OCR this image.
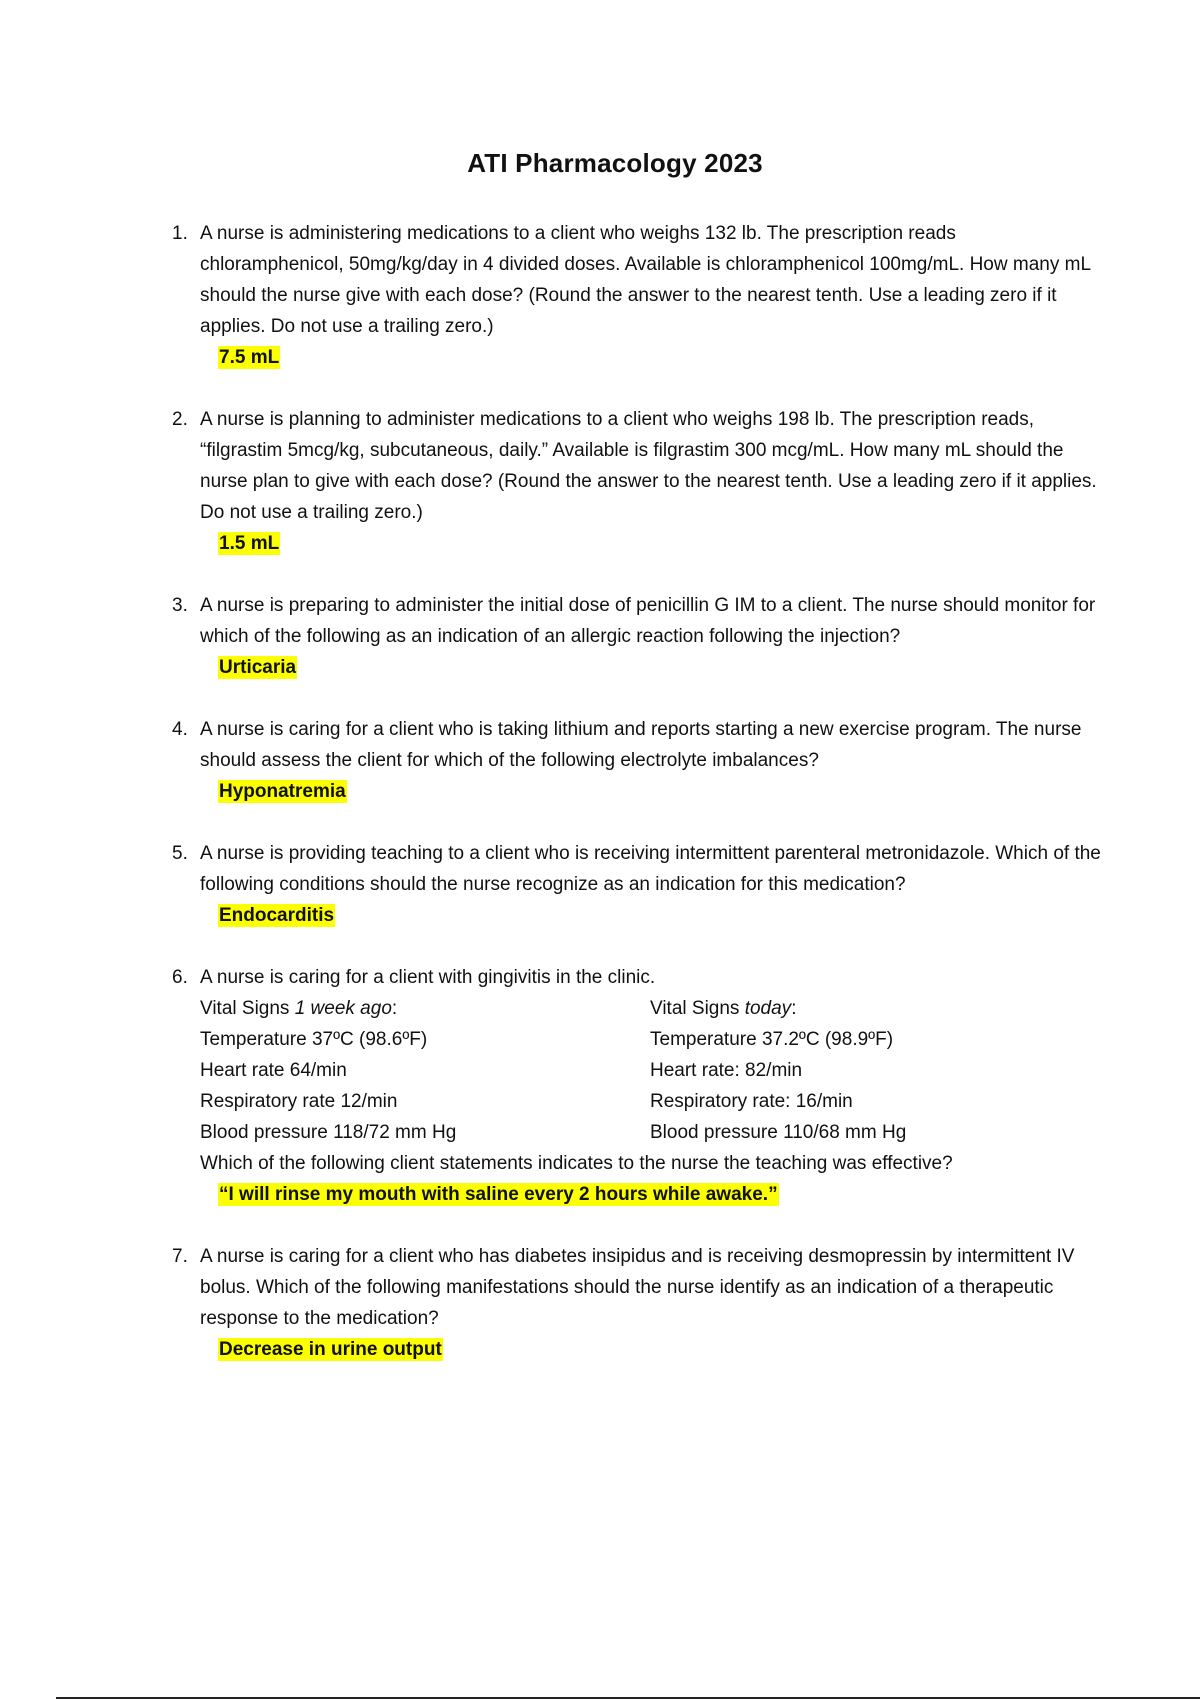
ATI Pharmacology 2023
1. A nurse is administering medications to a client who weighs 132 lb. The prescription reads chloramphenicol, 50mg/kg/day in 4 divided doses. Available is chloramphenicol 100mg/mL. How many mL should the nurse give with each dose? (Round the answer to the nearest tenth. Use a leading zero if it applies. Do not use a trailing zero.)
7.5 mL
2. A nurse is planning to administer medications to a client who weighs 198 lb. The prescription reads, “filgrastim 5mcg/kg, subcutaneous, daily.” Available is filgrastim 300 mcg/mL. How many mL should the nurse plan to give with each dose? (Round the answer to the nearest tenth. Use a leading zero if it applies. Do not use a trailing zero.)
1.5 mL
3. A nurse is preparing to administer the initial dose of penicillin G IM to a client. The nurse should monitor for which of the following as an indication of an allergic reaction following the injection?
Urticaria
4. A nurse is caring for a client who is taking lithium and reports starting a new exercise program. The nurse should assess the client for which of the following electrolyte imbalances?
Hyponatremia
5. A nurse is providing teaching to a client who is receiving intermittent parenteral metronidazole. Which of the following conditions should the nurse recognize as an indication for this medication?
Endocarditis
6. A nurse is caring for a client with gingivitis in the clinic.
Vital Signs 1 week ago:
Temperature 37ºC (98.6ºF)
Heart rate 64/min
Respiratory rate 12/min
Blood pressure 118/72 mm Hg
Vital Signs today:
Temperature 37.2ºC (98.9ºF)
Heart rate: 82/min
Respiratory rate: 16/min
Blood pressure 110/68 mm Hg
Which of the following client statements indicates to the nurse the teaching was effective?
“I will rinse my mouth with saline every 2 hours while awake.”
7. A nurse is caring for a client who has diabetes insipidus and is receiving desmopressin by intermittent IV bolus. Which of the following manifestations should the nurse identify as an indication of a therapeutic response to the medication?
Decrease in urine output
